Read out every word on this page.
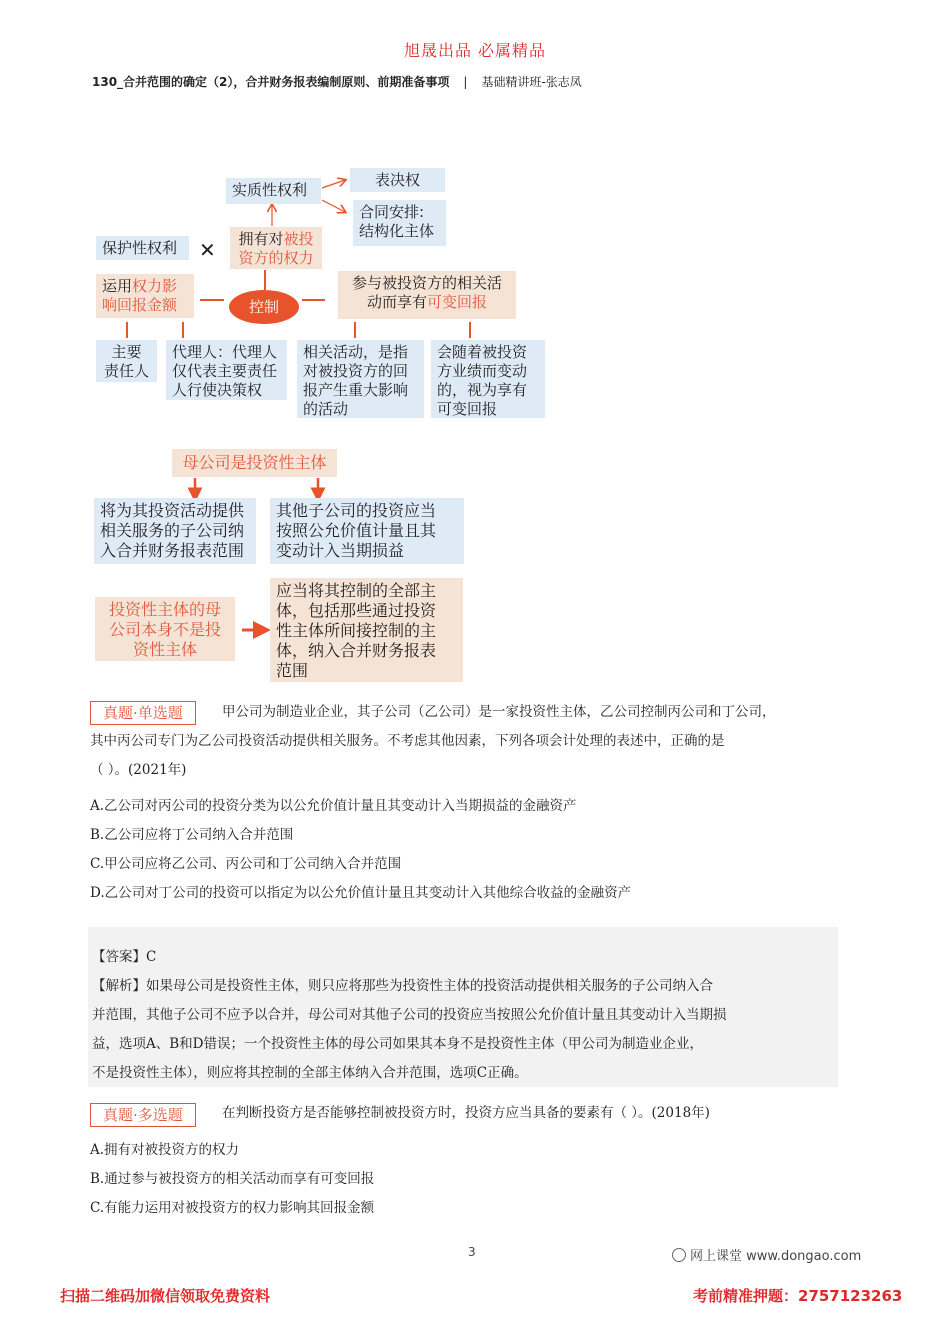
旭晟出品 必属精品
130_合并范围的确定（2），合并财务报表编制原则、前期准备事项 | 基础精讲班-张志凤
实质性权利
表决权
合同安排:
结构化主体
保护性权利	✕ 拥有对被投
资方的权力
运用权力影
响回报金额	控制
参与被投资方的相关活
动而享有可变回报
主要
责任人
代理人：代理人
仅代表主要责任
人行使决策权
相关活动，是指
对被投资方的回
报产生重大影响
的活动
会随着被投资
方业绩而变动
的，视为享有
可变回报
母公司是投资性主体
将为其投资活动提供
相关服务的子公司纳
入合并财务报表范围
其他子公司的投资应当
按照公允价值计量且其
变动计入当期损益
投资性主体的母
公司本身不是投
资性主体
应当将其控制的全部主
体，包括那些通过投资
性主体所间接控制的主
体，纳入合并财务报表
范围
真题·单选题	甲公司为制造业企业，其子公司（乙公司）是一家投资性主体，乙公司控制丙公司和丁公司，
其中丙公司专门为乙公司投资活动提供相关服务。不考虑其他因素，下列各项会计处理的表述中，正确的是
（ ）。(2021年)
A.乙公司对丙公司的投资分类为以公允价值计量且其变动计入当期损益的金融资产
B.乙公司应将丁公司纳入合并范围
C.甲公司应将乙公司、丙公司和丁公司纳入合并范围
D.乙公司对丁公司的投资可以指定为以公允价值计量且其变动计入其他综合收益的金融资产
【答案】C
【解析】如果母公司是投资性主体，则只应将那些为投资性主体的投资活动提供相关服务的子公司纳入合
并范围，其他子公司不应予以合并，母公司对其他子公司的投资应当按照公允价值计量且其变动计入当期损
益，选项A、B和D错误；一个投资性主体的母公司如果其本身不是投资性主体（甲公司为制造业企业，
不是投资性主体），则应将其控制的全部主体纳入合并范围，选项C正确。
真题·多选题	在判断投资方是否能够控制被投资方时，投资方应当具备的要素有（ ）。(2018年)
A.拥有对被投资方的权力
B.通过参与被投资方的相关活动而享有可变回报
C.有能力运用对被投资方的权力影响其回报金额
3	网上课堂 www.dongao.com
扫描二维码加微信领取免费资料	考前精准押题：2757123263
